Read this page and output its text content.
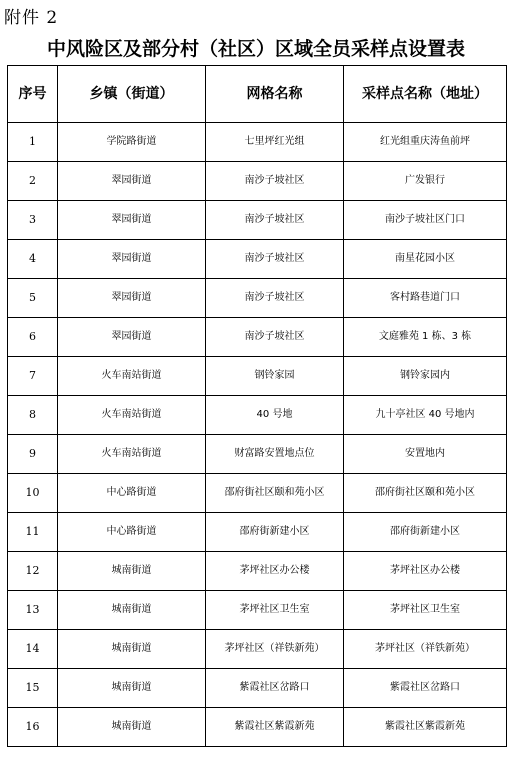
附件 2
中风险区及部分村（社区）区域全员采样点设置表
序号	乡镇（街道）	网格名称	采样点名称（地址）
1	学院路街道	七里坪红光组	红光组重庆涛鱼前坪
2	翠园街道	南沙子坡社区	广发银行
3	翠园街道	南沙子坡社区	南沙子坡社区门口
4	翠园街道	南沙子坡社区	南星花园小区
5	翠园街道	南沙子坡社区	客村路巷道门口
6	翠园街道	南沙子坡社区	文庭雅苑 1 栋、3 栋
7	火车南站街道	钢铃家园	钢铃家园内
8	火车南站街道	40 号地	九十亭社区 40 号地内
9	火车南站街道	财富路安置地点位	安置地内
10	中心路街道	邵府街社区颐和苑小区	邵府街社区颐和苑小区
11	中心路街道	邵府街新建小区	邵府街新建小区
12	城南街道	茅坪社区办公楼	茅坪社区办公楼
13	城南街道	茅坪社区卫生室	茅坪社区卫生室
14	城南街道	茅坪社区（祥铁新苑）	茅坪社区（祥铁新苑）
15	城南街道	紫霞社区岔路口	紫霞社区岔路口
16	城南街道	紫霞社区紫霞新苑	紫霞社区紫霞新苑
